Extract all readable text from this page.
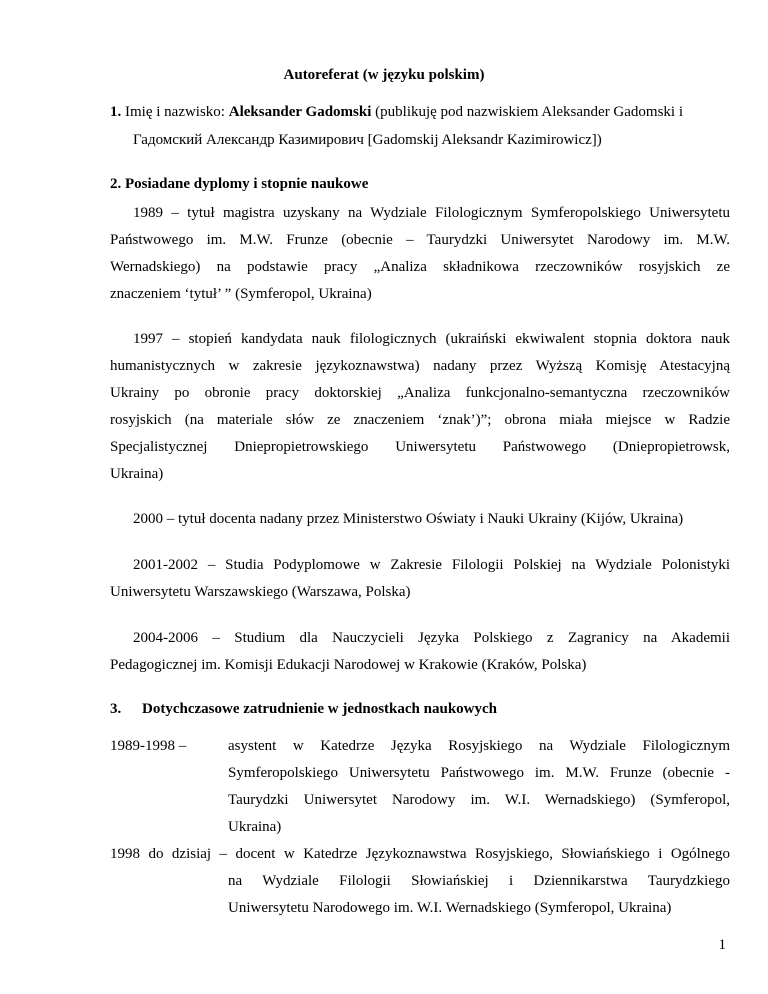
Autoreferat (w języku polskim)
1. Imię i nazwisko: Aleksander Gadomski (publikuję pod nazwiskiem Aleksander Gadomski i
Гадомский Александр Казимирович [Gadomskij Aleksandr Kazimirowicz])
2. Posiadane dyplomy i stopnie naukowe
1989 – tytuł magistra uzyskany na Wydziale Filologicznym Symferopolskiego Uniwersytetu
Państwowego im. M.W. Frunze (obecnie – Taurydzki Uniwersytet Narodowy im. M.W.
Wernadskiego) na podstawie pracy „Analiza składnikowa rzeczowników rosyjskich ze
znaczeniem ‘tytuł’ ” (Symferopol, Ukraina)
1997 – stopień kandydata nauk filologicznych (ukraiński ekwiwalent stopnia doktora nauk
humanistycznych w zakresie językoznawstwa) nadany przez Wyższą Komisję Atestacyjną
Ukrainy po obronie pracy doktorskiej „Analiza funkcjonalno-semantyczna rzeczowników
rosyjskich (na materiale słów ze znaczeniem ‘znak’)”; obrona miała miejsce w Radzie
Specjalistycznej Dniepropietrowskiego Uniwersytetu Państwowego (Dniepropietrowsk,
Ukraina)
2000 – tytuł docenta nadany przez Ministerstwo Oświaty i Nauki Ukrainy (Kijów, Ukraina)
2001-2002 – Studia Podyplomowe w Zakresie Filologii Polskiej na Wydziale Polonistyki
Uniwersytetu Warszawskiego (Warszawa, Polska)
2004-2006 – Studium dla Nauczycieli Języka Polskiego z Zagranicy na Akademii
Pedagogicznej im. Komisji Edukacji Narodowej w Krakowie (Kraków, Polska)
3. Dotychczasowe zatrudnienie w jednostkach naukowych
1989-1998 –	asystent w Katedrze Języka Rosyjskiego na Wydziale Filologicznym
Symferopolskiego Uniwersytetu Państwowego im. M.W. Frunze (obecnie -
Taurydzki Uniwersytet Narodowy im. W.I. Wernadskiego) (Symferopol,
Ukraina)
1998 do dzisiaj – docent w Katedrze Językoznawstwa Rosyjskiego, Słowiańskiego i Ogólnego
na Wydziale Filologii Słowiańskiej i Dziennikarstwa Taurydzkiego
Uniwersytetu Narodowego im. W.I. Wernadskiego (Symferopol, Ukraina)
1
